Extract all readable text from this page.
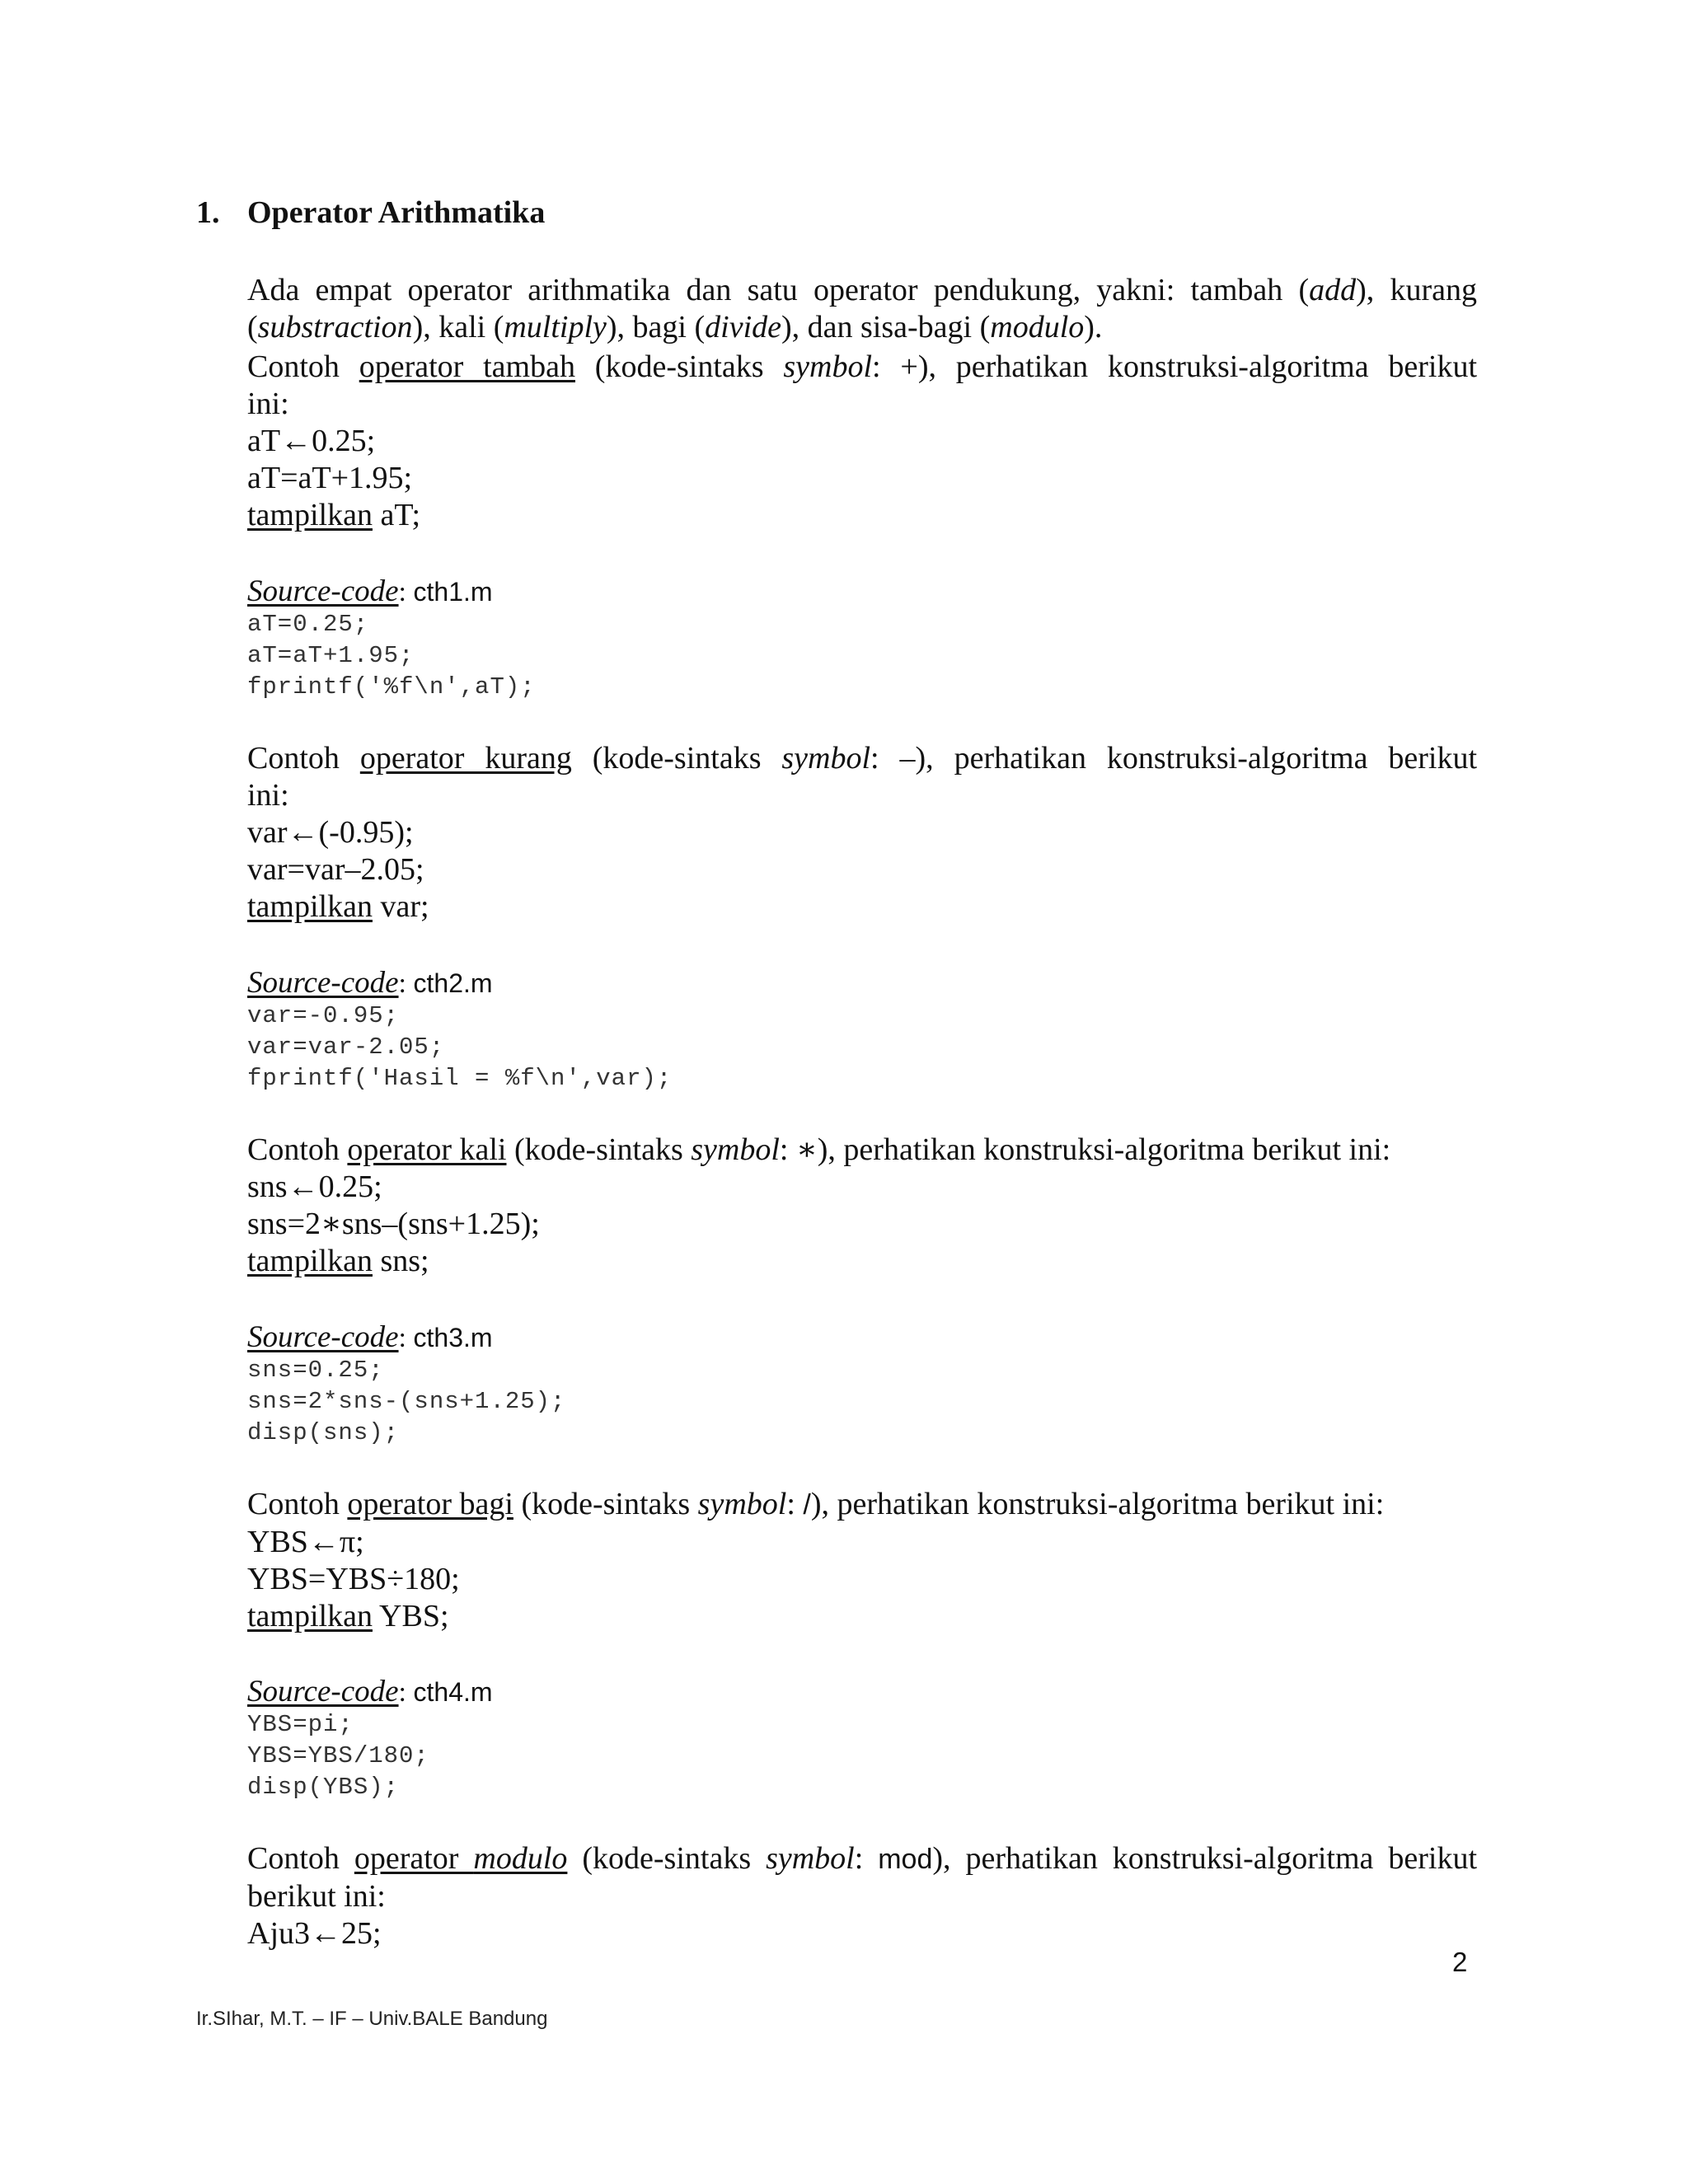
1. Operator Arithmatika

Ada empat operator arithmatika dan satu operator pendukung, yakni: tambah (add), kurang

(substraction), kali (multiply), bagi (divide), dan sisa-bagi (modulo).

Contoh operator tambah (kode-sintaks symbol: +), perhatikan konstruksi-algoritma berikut

ini:

aT←0.25;

aT=aT+1.95;

tampilkan aT;

Source-code: cth1.m

aT=0.25;

aT=aT+1.95;

fprintf('%f\n',aT);

Contoh operator kurang (kode-sintaks symbol: –), perhatikan konstruksi-algoritma berikut

ini:

var←(-0.95);

var=var–2.05;

tampilkan var;

Source-code: cth2.m

var=-0.95;

var=var-2.05;

fprintf('Hasil = %f\n',var);

Contoh operator kali (kode-sintaks symbol: ∗), perhatikan konstruksi-algoritma berikut ini:

sns←0.25;

sns=2∗sns–(sns+1.25);

tampilkan sns;

Source-code: cth3.m

sns=0.25;

sns=2*sns-(sns+1.25);

disp(sns);

Contoh operator bagi (kode-sintaks symbol: /), perhatikan konstruksi-algoritma berikut ini:

YBS←π;

YBS=YBS÷180;

tampilkan YBS;

Source-code: cth4.m

YBS=pi;

YBS=YBS/180;

disp(YBS);

Contoh operator modulo (kode-sintaks symbol: mod), perhatikan konstruksi-algoritma berikut

berikut ini:

Aju3←25;

2
Ir.SIhar, M.T. – IF – Univ.BALE Bandung
